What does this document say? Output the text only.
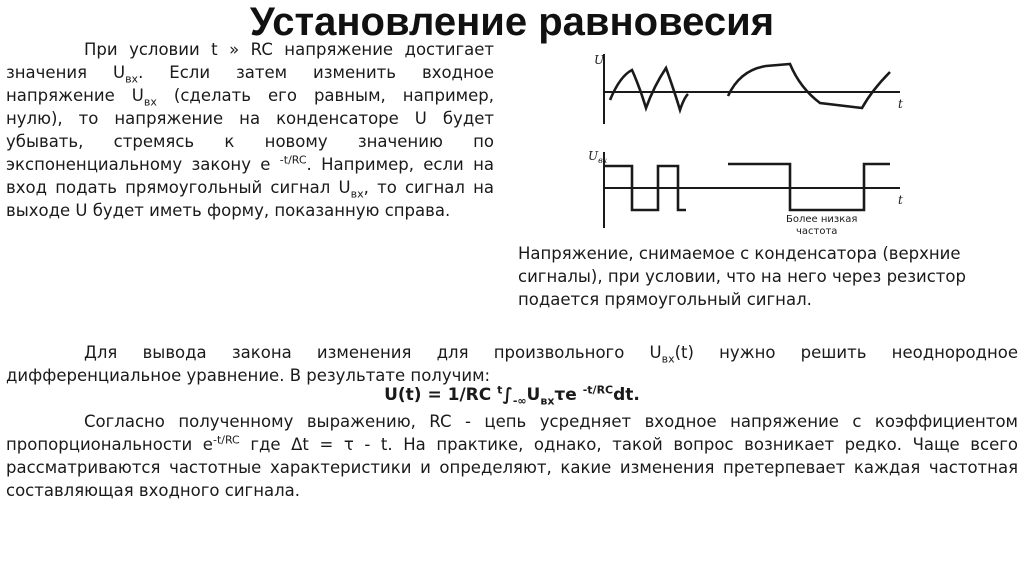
Установление равновесия

При условии t » RC напряжение достигает значения $U_{вх}$. Если затем изменить входное напряжение $U_{вх}$ (сделать его равным, например, нулю), то напряжение на конденсаторе U будет убывать, стремясь к новому значению по экспоненциальному закону e $^{-t/RC}$. Например, если на вход подать прямоугольный сигнал $U_{вх}$, то сигнал на выходе U будет иметь форму, показанную справа.

U
t
$U_{вх}$
t
Более низкая
частота
Напряжение, снимаемое с конденсатора (верхние сигналы), при условии, что на него через резистор подается прямоугольный сигнал.

Для вывода закона изменения для произвольного $U_{вх}(t)$ нужно решить неоднородное дифференциальное уравнение. В результате получим:

U(t) = 1/RC $^t\int_{-\infty}U_{вх}\tau e$ $^{-t/RC}$dt.

Согласно полученному выражению, RC - цепь усредняет входное напряжение с коэффициентом пропорциональности $e^{-t/RC}$ где Δt = τ - t. На практике, однако, такой вопрос возникает редко. Чаще всего рассматриваются частотные характеристики и определяют, какие изменения претерпевает каждая частотная составляющая входного сигнала.
